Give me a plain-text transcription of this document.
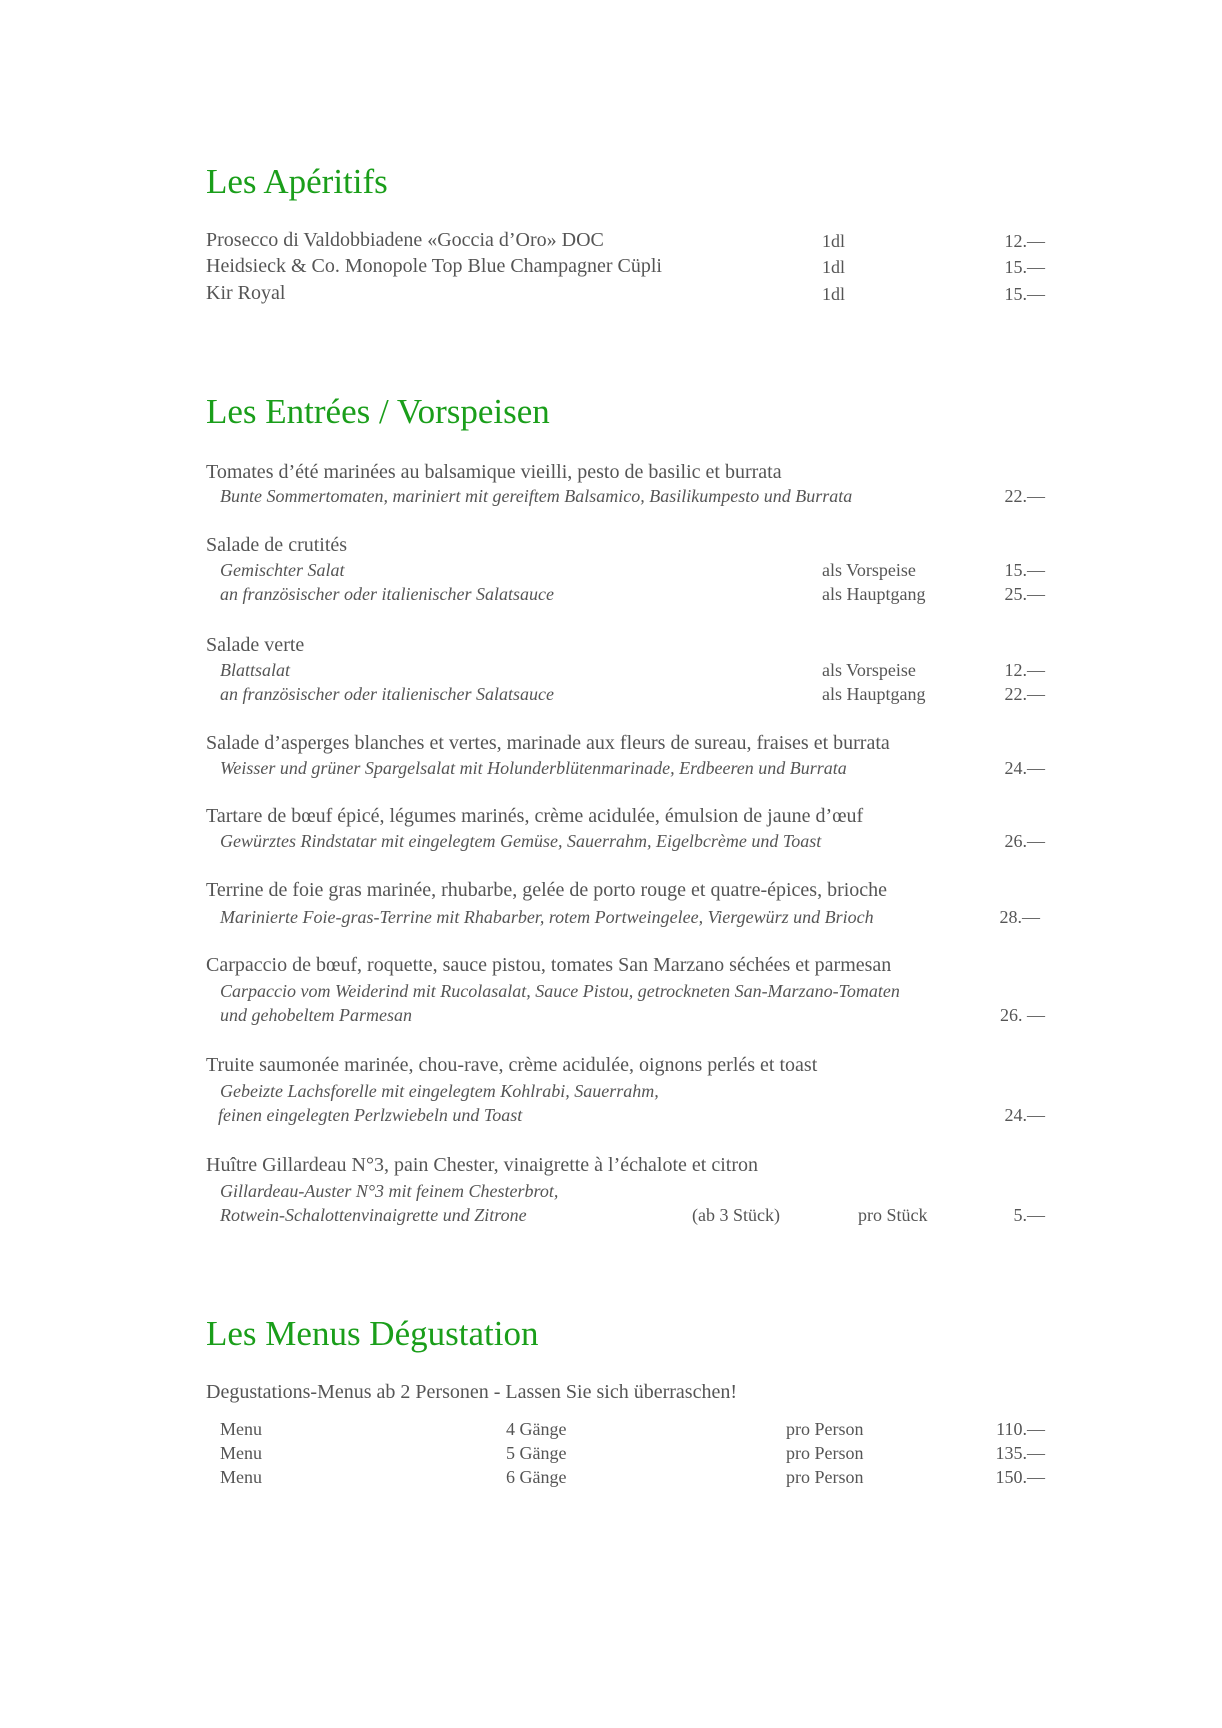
Les Apéritifs
Prosecco di Valdobbiadene «Goccia d’Oro» DOC	1dl	12.—
Heidsieck & Co. Monopole Top Blue Champagner Cüpli	1dl	15.—
Kir Royal	1dl	15.—
Les Entrées / Vorspeisen
Tomates d’été marinées au balsamique vieilli, pesto de basilic et burrata
Bunte Sommertomaten, mariniert mit gereiftem Balsamico, Basilikumpesto und Burrata	22.—
Salade de crutités
Gemischter Salat	als Vorspeise	15.—
an französischer oder italienischer Salatsauce	als Hauptgang	25.—
Salade verte
Blattsalat	als Vorspeise	12.—
an französischer oder italienischer Salatsauce	als Hauptgang	22.—
Salade d’asperges blanches et vertes, marinade aux fleurs de sureau, fraises et burrata
Weisser und grüner Spargelsalat mit Holunderblütenmarinade, Erdbeeren und Burrata	24.—
Tartare de bœuf épicé, légumes marinés, crème acidulée, émulsion de jaune d’œuf
Gewürztes Rindstatar mit eingelegtem Gemüse, Sauerrahm, Eigelbcrème und Toast	26.—
Terrine de foie gras marinée, rhubarbe, gelée de porto rouge et quatre-épices, brioche
Marinierte Foie-gras-Terrine mit Rhabarber, rotem Portweingelee, Viergewürz und Brioch	28.—
Carpaccio de bœuf, roquette, sauce pistou, tomates San Marzano séchées et parmesan
Carpaccio vom Weiderind mit Rucolasalat, Sauce Pistou, getrockneten San-Marzano-Tomaten
und gehobeltem Parmesan	26. —
Truite saumonée marinée, chou-rave, crème acidulée, oignons perlés et toast
Gebeizte Lachsforelle mit eingelegtem Kohlrabi, Sauerrahm,
feinen eingelegten Perlzwiebeln und Toast	24.—
Huître Gillardeau N°3, pain Chester, vinaigrette à l’échalote et citron
Gillardeau-Auster N°3 mit feinem Chesterbrot,
Rotwein-Schalottenvinaigrette und Zitrone	(ab 3 Stück)	pro Stück	5.—
Les Menus Dégustation
Degustations-Menus ab 2 Personen - Lassen Sie sich überraschen!
Menu	4 Gänge	pro Person	110.—
Menu	5 Gänge	pro Person	135.—
Menu	6 Gänge	pro Person	150.—
